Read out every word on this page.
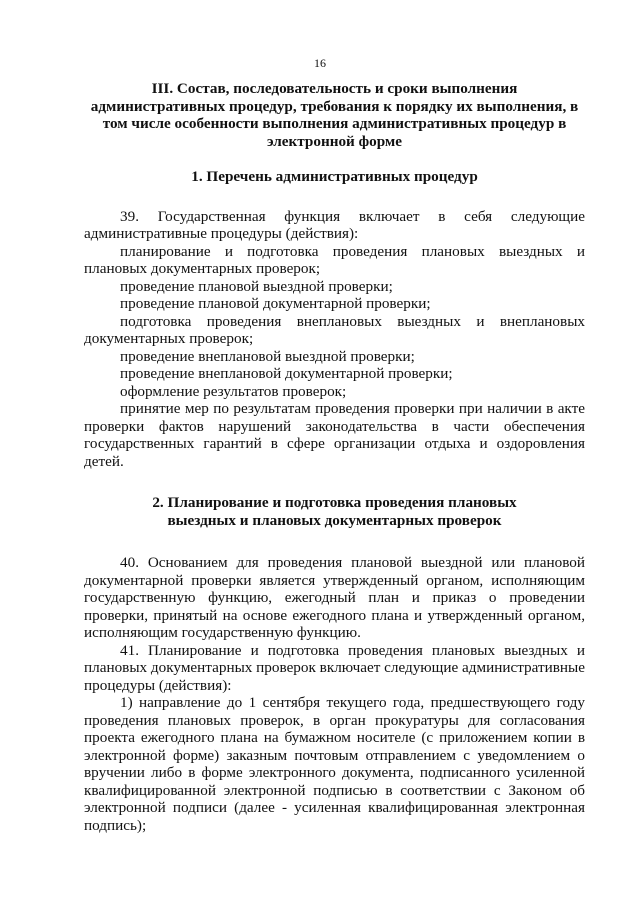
16
III. Состав, последовательность и сроки выполнения административных процедур, требования к порядку их выполнения, в том числе особенности выполнения административных процедур в электронной форме
1. Перечень административных процедур

39. Государственная функция включает в себя следующие административные процедуры (действия):

планирование и подготовка проведения плановых выездных и плановых документарных проверок;

проведение плановой выездной проверки;

проведение плановой документарной проверки;

подготовка проведения внеплановых выездных и внеплановых документарных проверок;

проведение внеплановой выездной проверки;

проведение внеплановой документарной проверки;

оформление результатов проверок;

принятие мер по результатам проведения проверки при наличии в акте проверки фактов нарушений законодательства в части обеспечения государственных гарантий в сфере организации отдыха и оздоровления детей.

2. Планирование и подготовка проведения плановых
выездных и плановых документарных проверок

40. Основанием для проведения плановой выездной или плановой документарной проверки является утвержденный органом, исполняющим государственную функцию, ежегодный план и приказ о проведении проверки, принятый на основе ежегодного плана и утвержденный органом, исполняющим государственную функцию.

41. Планирование и подготовка проведения плановых выездных и плановых документарных проверок включает следующие административные процедуры (действия):

1) направление до 1 сентября текущего года, предшествующего году проведения плановых проверок, в орган прокуратуры для согласования проекта ежегодного плана на бумажном носителе (с приложением копии в электронной форме) заказным почтовым отправлением с уведомлением о вручении либо в форме электронного документа, подписанного усиленной квалифицированной электронной подписью в соответствии с Законом об электронной подписи (далее - усиленная квалифицированная электронная подпись);
